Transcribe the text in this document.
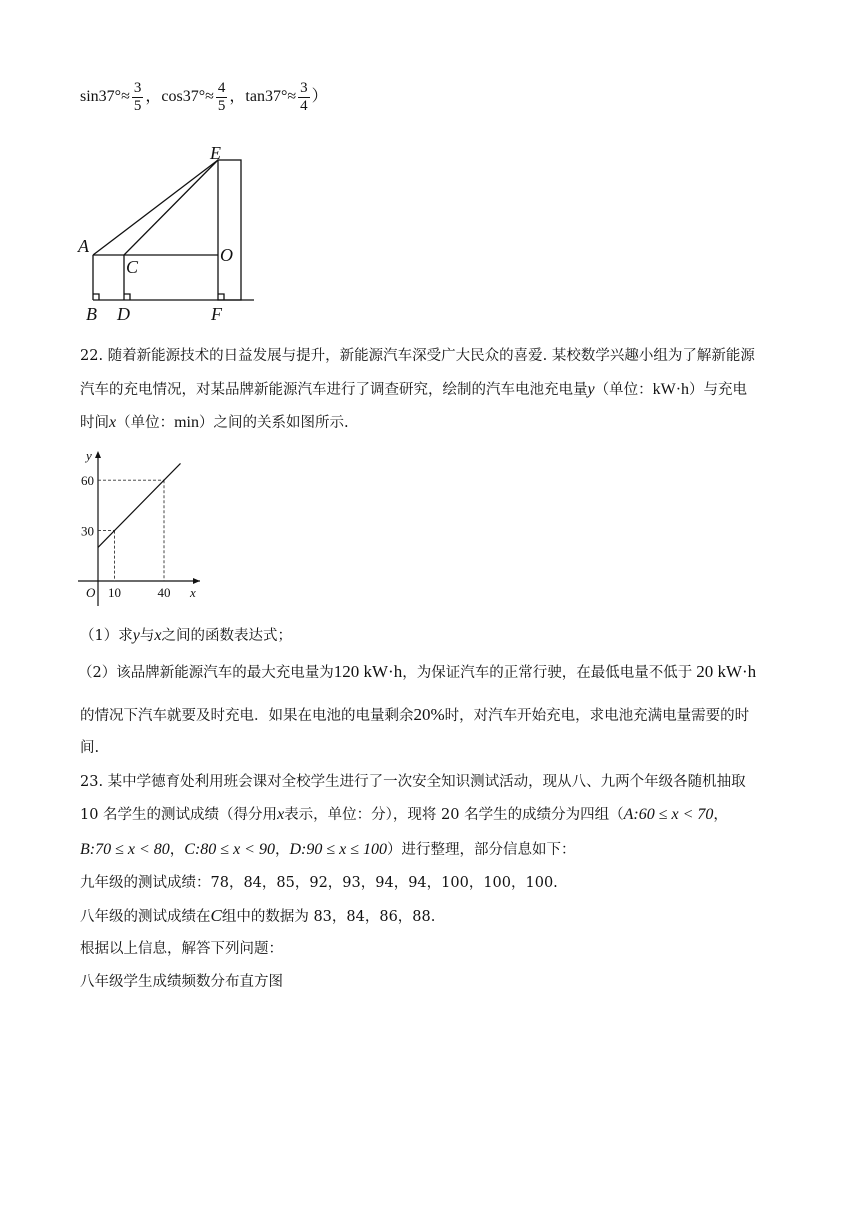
$\sin 37^\circ\approx \frac{3}{5}$ ，$\cos 37^\circ\approx \frac{4}{5}$ ，$\tan 37^\circ\approx \frac{3}{4}$ ）
E
A
C
O
B D	F
22. 随着新能源技术的日益发展与提升，新能源汽车深受广大民众的喜爱. 某校数学兴趣小组为了解新能源
汽车的充电情况，对某品牌新能源汽车进行了调查研究，绘制的汽车电池充电量y（单位：kW·h）与充电
时间x（单位：min）之间的关系如图所示.
30
60
10	40
O	x
y
（1）求y与x之间的函数表达式；
（2）该品牌新能源汽车的最大充电量为120 kW·h，为保证汽车的正常行驶，在最低电量不低于 20 kW·h
的情况下汽车就要及时充电．如果在电池的电量剩余20%时，对汽车开始充电，求电池充满电量需要的时
间.
23. 某中学德育处利用班会课对全校学生进行了一次安全知识测试活动，现从八、九两个年级各随机抽取
10 名学生的测试成绩（得分用x表示，单位：分），现将 20 名学生的成绩分为四组（A:60 ≤ x < 70，
B:70 ≤ x < 80，C:80 ≤ x < 90，D:90 ≤ x ≤ 100）进行整理，部分信息如下：
九年级的测试成绩：78，84，85，92，93，94，94，100，100，100.
八年级的测试成绩在C组中的数据为 83，84，86，88.
根据以上信息，解答下列问题：
八年级学生成绩频数分布直方图
